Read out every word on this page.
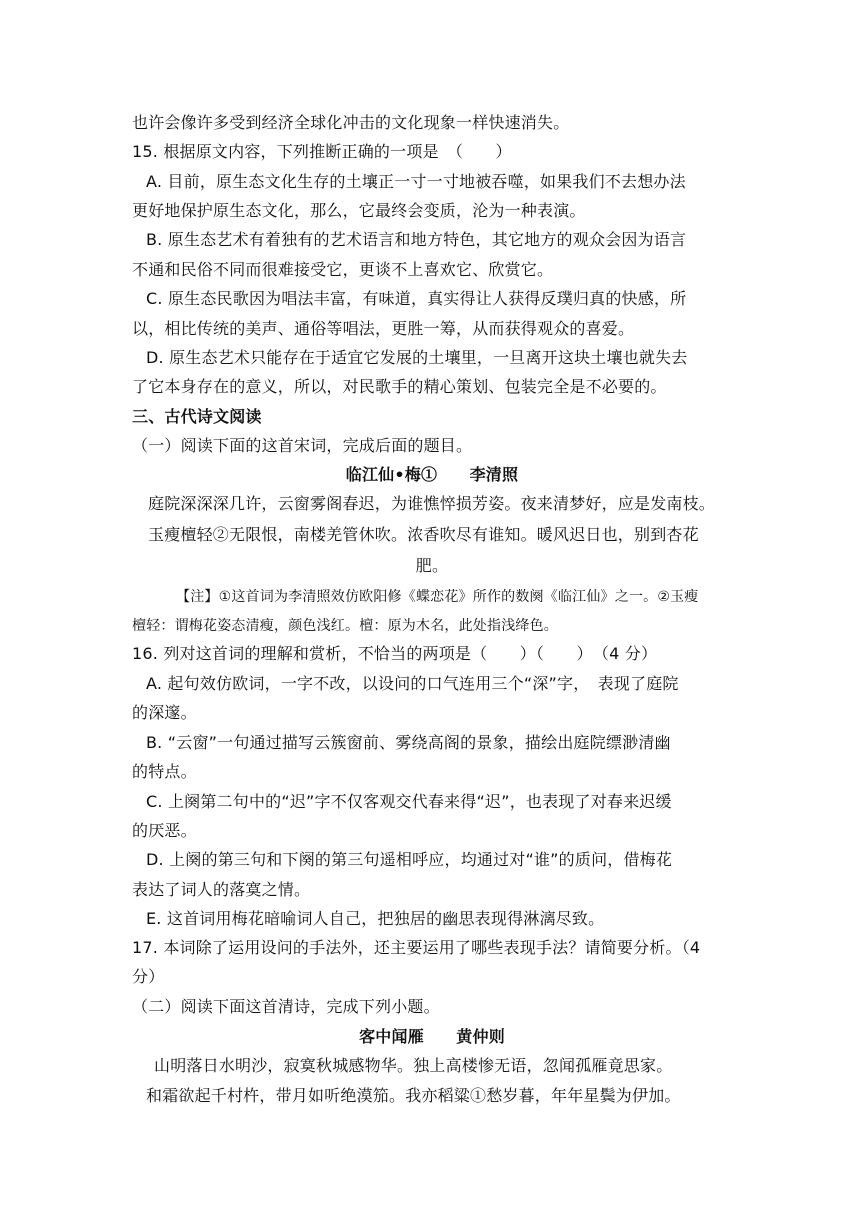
也许会像许多受到经济全球化冲击的文化现象一样快速消失。
15. 根据原文内容，下列推断正确的一项是　（　　）
A. 目前，原生态文化生存的土壤正一寸一寸地被吞噬，如果我们不去想办法
更好地保护原生态文化，那么，它最终会变质，沦为一种表演。
B. 原生态艺术有着独有的艺术语言和地方特色，其它地方的观众会因为语言
不通和民俗不同而很难接受它，更谈不上喜欢它、欣赏它。
C. 原生态民歌因为唱法丰富，有味道，真实得让人获得反璞归真的快感，所
以，相比传统的美声、通俗等唱法，更胜一筹，从而获得观众的喜爱。
D. 原生态艺术只能存在于适宜它发展的土壤里，一旦离开这块土壤也就失去
了它本身存在的意义，所以，对民歌手的精心策划、包装完全是不必要的。
三、古代诗文阅读
（一）阅读下面的这首宋词，完成后面的题目。
临江仙•梅①　　李清照
庭院深深深几许，云窗雾阁春迟，为谁憔悴损芳姿。夜来清梦好，应是发南枝。
玉瘦檀轻②无限恨，南楼羌管休吹。浓香吹尽有谁知。暖风迟日也，别到杏花
肥。
【注】①这首词为李清照效仿欧阳修《蝶恋花》所作的数阕《临江仙》之一。②玉瘦
檀轻：谓梅花姿态清瘦，颜色浅红。檀：原为木名，此处指浅绛色。
16. 列对这首词的理解和赏析，不恰当的两项是（　　）（　　）　（4 分）
A. 起句效仿欧词，一字不改，以设问的口气连用三个“深”字，　表现了庭院
的深邃。
B. “云窗”一句通过描写云簇窗前、雾绕高阁的景象，描绘出庭院缥渺清幽
的特点。
C. 上阕第二句中的“迟”字不仅客观交代春来得“迟”，也表现了对春来迟缓
的厌恶。
D. 上阕的第三句和下阕的第三句遥相呼应，均通过对“谁”的质问，借梅花
表达了词人的落寞之情。
E. 这首词用梅花暗喻词人自己，把独居的幽思表现得淋漓尽致。
17. 本词除了运用设问的手法外，还主要运用了哪些表现手法？请简要分析。（4
分）
（二）阅读下面这首清诗，完成下列小题。
客中闻雁　　黄仲则
山明落日水明沙，寂寞秋城感物华。独上高楼惨无语，忽闻孤雁竟思家。
和霜欲起千村杵，带月如听绝漠笳。我亦稻粱①愁岁暮，年年星鬓为伊加。
